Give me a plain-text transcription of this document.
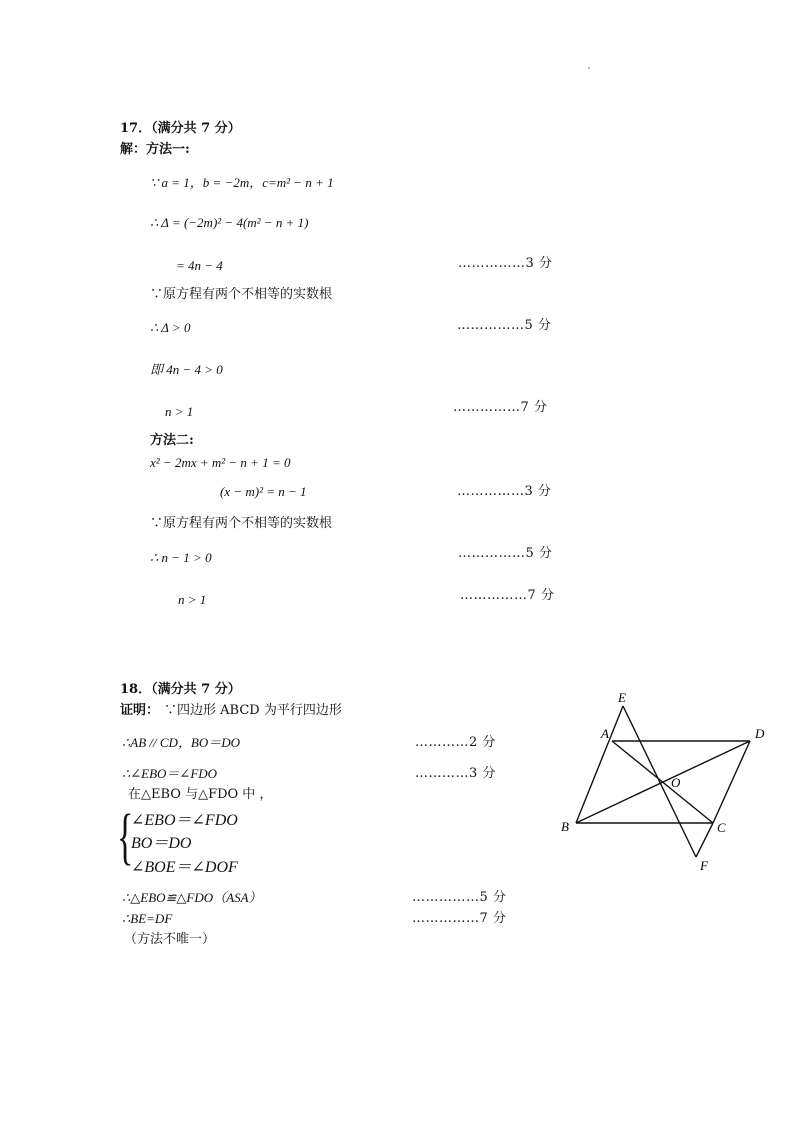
17．（满分共 7 分）
解：方法一:
∵ a = 1，b = −2m，c=m² − n + 1
∴ Δ = (−2m)² − 4(m² − n + 1)
= 4n − 4	……………3 分
∵原方程有两个不相等的实数根
∴ Δ > 0	……………5 分
即 4n − 4 > 0
n > 1	……………7 分
方法二:
x² − 2mx + m² − n + 1 = 0
(x − m)² = n − 1	……………3 分
∵原方程有两个不相等的实数根
∴ n − 1 > 0	……………5 分
n > 1	……………7 分
18．（满分共 7 分）
证明： ∵四边形 ABCD 为平行四边形
∴AB // CD，BO＝DO	…………2 分
∴∠EBO＝∠FDO	…………3 分
在△EBO 与△FDO 中 ，
{
∠EBO＝∠FDO
BO＝DO
∠BOE＝∠DOF
∴△EBO≌△FDO（ASA）	……………5 分
∴BE=DF	……………7 分
（方法不唯一）
E
A	D
O
B	C
F
